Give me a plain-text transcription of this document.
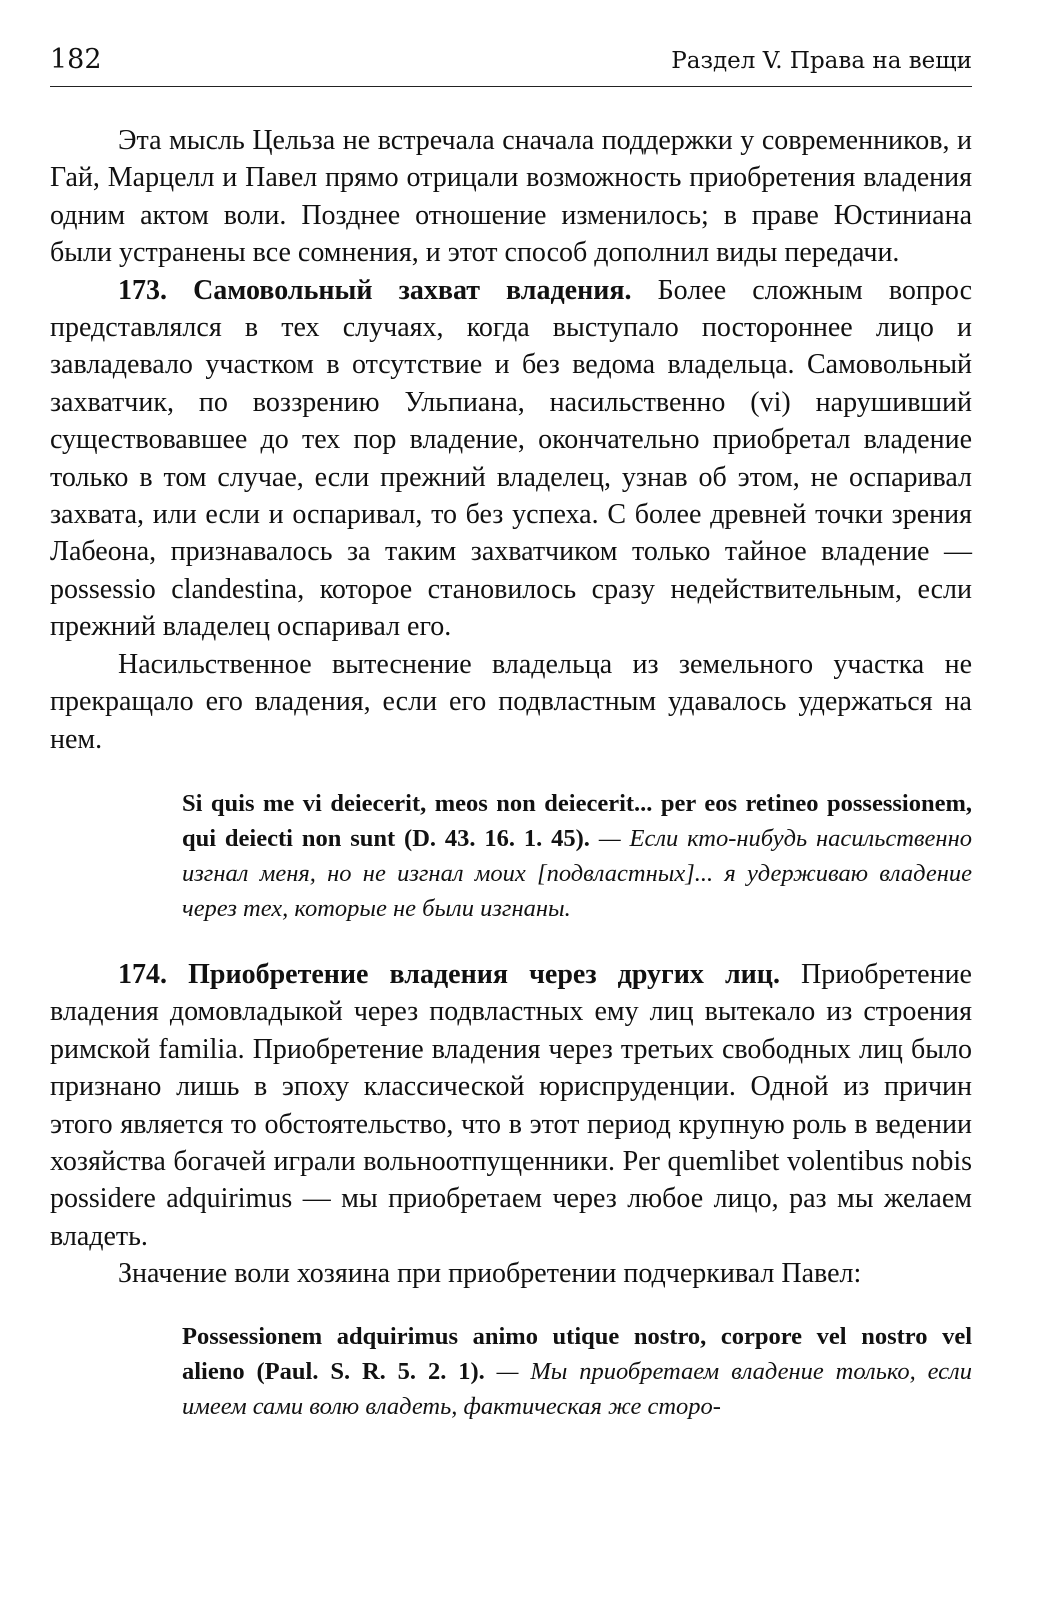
182	Раздел V. Права на вещи

Эта мысль Цельза не встречала сначала поддержки у современников, и Гай, Марцелл и Павел прямо отрицали возможность приобретения владения одним актом воли. Позднее отношение изменилось; в праве Юстиниана были устранены все сомнения, и этот способ дополнил виды передачи.

173. Самовольный захват владения. Более сложным вопрос представлялся в тех случаях, когда выступало постороннее лицо и завладевало участком в отсутствие и без ведома владельца. Самовольный захватчик, по воззрению Ульпиана, насильственно (vi) нарушивший существовавшее до тех пор владение, окончательно приобретал владение только в том случае, если прежний владелец, узнав об этом, не оспаривал захвата, или если и оспаривал, то без успеха. С более древней точки зрения Лабеона, признавалось за таким захватчиком только тайное владение — possessio clandestina, которое становилось сразу недействительным, если прежний владелец оспаривал его.

Насильственное вытеснение владельца из земельного участка не прекращало его владения, если его подвластным удавалось удержаться на нем.

Si quis me vi deiecerit, meos non deiecerit... per eos retineo possessionem, qui deiecti non sunt (D. 43. 16. 1. 45). — Если кто-нибудь насильственно изгнал меня, но не изгнал моих [подвластных]... я удерживаю владение через тех, которые не были изгнаны.

174. Приобретение владения через других лиц. Приобретение владения домовладыкой через подвластных ему лиц вытекало из строения римской familia. Приобретение владения через третьих свободных лиц было признано лишь в эпоху классической юриспруденции. Одной из причин этого является то обстоятельство, что в этот период крупную роль в ведении хозяйства богачей играли вольноотпущенники. Per quemlibet volentibus nobis possidere adquirimus — мы приобретаем через любое лицо, раз мы желаем владеть.

Значение воли хозяина при приобретении подчеркивал Павел:

Possessionem adquirimus animo utique nostro, corpore vel nostro vel alieno (Paul. S. R. 5. 2. 1). — Мы приобретаем владение только, если имеем сами волю владеть, фактическая же сторо-
